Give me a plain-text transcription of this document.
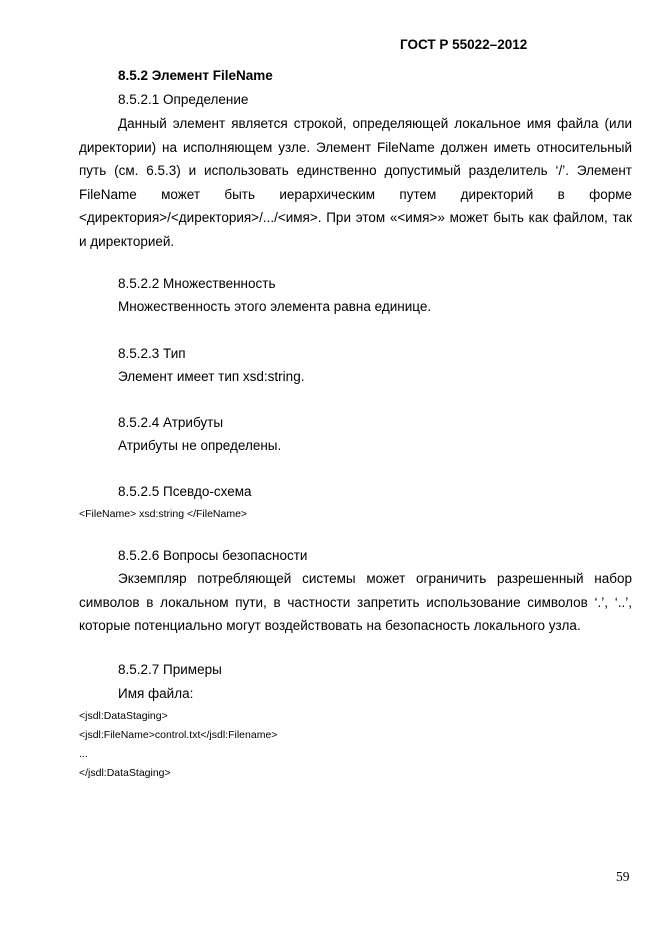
ГОСТ Р 55022–2012
8.5.2 Элемент FileName
8.5.2.1 Определение
Данный элемент является строкой, определяющей локальное имя файла (или директории) на исполняющем узле. Элемент FileName должен иметь относительный путь (см. 6.5.3) и использовать единственно допустимый разделитель ‘/’. Элемент FileName может быть иерархическим путем директорий в форме <директория>/<директория>/.../<имя>. При этом «<имя>» может быть как файлом, так и директорией.
8.5.2.2 Множественность
Множественность этого элемента равна единице.
8.5.2.3 Тип
Элемент имеет тип xsd:string.
8.5.2.4 Атрибуты
Атрибуты не определены.
8.5.2.5 Псевдо-схема
<FileName> xsd:string </FileName>
8.5.2.6 Вопросы безопасности
Экземпляр потребляющей системы может ограничить разрешенный набор символов в локальном пути, в частности запретить использование символов ‘.’, ‘..’, которые потенциально могут воздействовать на безопасность локального узла.
8.5.2.7 Примеры
Имя файла:
<jsdl:DataStaging>
<jsdl:FileName>control.txt</jsdl:Filename>
...
</jsdl:DataStaging>
59
